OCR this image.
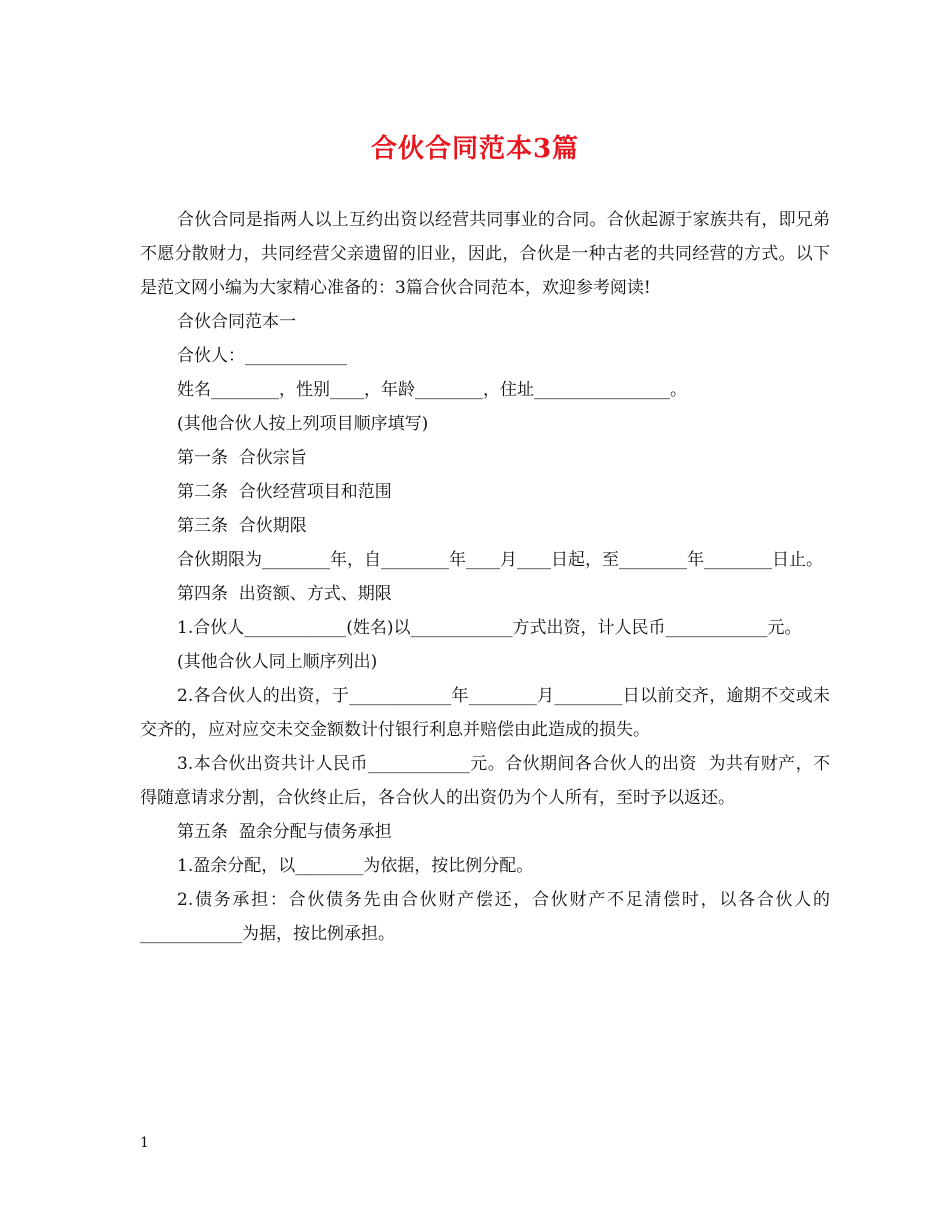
合伙合同范本3篇

合伙合同是指两人以上互约出资以经营共同事业的合同。合伙起源于家族共有，即兄弟不愿分散财力，共同经营父亲遗留的旧业，因此，合伙是一种古老的共同经营的方式。以下是范文网小编为大家精心准备的：3篇合伙合同范本，欢迎参考阅读!

合伙合同范本一

合伙人：____________

姓名________，性别____，年龄________，住址________________。

(其他合伙人按上列项目顺序填写)

第一条  合伙宗旨

第二条  合伙经营项目和范围

第三条  合伙期限

合伙期限为________年，自________年____月____日起，至________年________日止。

第四条  出资额、方式、期限

1.合伙人____________(姓名)以____________方式出资，计人民币____________元。

(其他合伙人同上顺序列出)

2.各合伙人的出资，于____________年________月________日以前交齐，逾期不交或未交齐的，应对应交未交金额数计付银行利息并赔偿由此造成的损失。

3.本合伙出资共计人民币____________元。合伙期间各合伙人的出资  为共有财产，不得随意请求分割，合伙终止后，各合伙人的出资仍为个人所有，至时予以返还。

第五条  盈余分配与债务承担

1.盈余分配，以________为依据，按比例分配。

2.债务承担：合伙债务先由合伙财产偿还，合伙财产不足清偿时，以各合伙人的____________为据，按比例承担。

1
